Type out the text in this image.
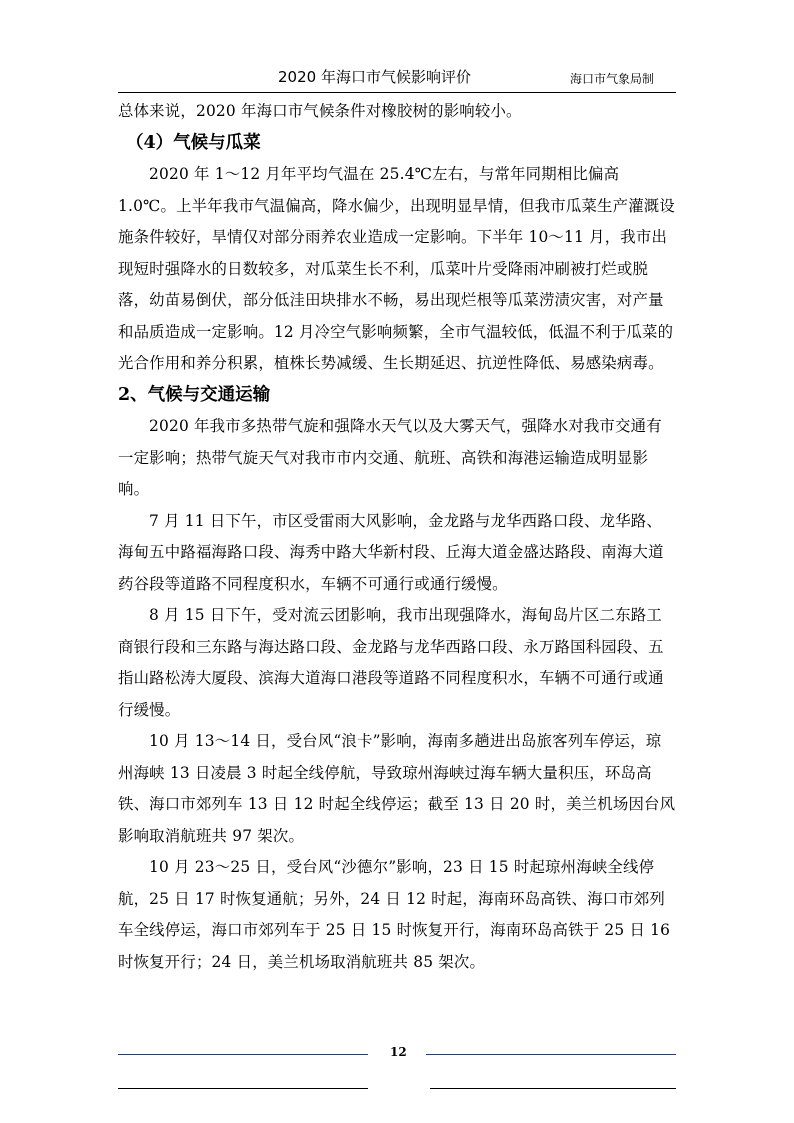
2020 年海口市气候影响评价	海口市气象局制

总体来说，2020 年海口市气候条件对橡胶树的影响较小。

（4）气候与瓜菜

2020 年 1～12 月年平均气温在 25.4℃左右，与常年同期相比偏高 1.0℃。上半年我市气温偏高，降水偏少，出现明显旱情，但我市瓜菜生产灌溉设施条件较好，旱情仅对部分雨养农业造成一定影响。下半年 10～11 月，我市出现短时强降水的日数较多，对瓜菜生长不利，瓜菜叶片受降雨冲刷被打烂或脱落，幼苗易倒伏，部分低洼田块排水不畅，易出现烂根等瓜菜涝渍灾害，对产量和品质造成一定影响。12 月冷空气影响频繁，全市气温较低，低温不利于瓜菜的光合作用和养分积累，植株长势减缓、生长期延迟、抗逆性降低、易感染病毒。

2、气候与交通运输

2020 年我市多热带气旋和强降水天气以及大雾天气，强降水对我市交通有一定影响；热带气旋天气对我市市内交通、航班、高铁和海港运输造成明显影响。

7 月 11 日下午，市区受雷雨大风影响，金龙路与龙华西路口段、龙华路、海甸五中路福海路口段、海秀中路大华新村段、丘海大道金盛达路段、南海大道药谷段等道路不同程度积水，车辆不可通行或通行缓慢。

8 月 15 日下午，受对流云团影响，我市出现强降水，海甸岛片区二东路工商银行段和三东路与海达路口段、金龙路与龙华西路口段、永万路国科园段、五指山路松涛大厦段、滨海大道海口港段等道路不同程度积水，车辆不可通行或通行缓慢。

10 月 13～14 日，受台风“浪卡”影响，海南多趟进出岛旅客列车停运，琼州海峡 13 日凌晨 3 时起全线停航，导致琼州海峡过海车辆大量积压，环岛高铁、海口市郊列车 13 日 12 时起全线停运；截至 13 日 20 时，美兰机场因台风影响取消航班共 97 架次。

10 月 23～25 日，受台风“沙德尔”影响，23 日 15 时起琼州海峡全线停航，25 日 17 时恢复通航；另外，24 日 12 时起，海南环岛高铁、海口市郊列车全线停运，海口市郊列车于 25 日 15 时恢复开行，海南环岛高铁于 25 日 16 时恢复开行；24 日，美兰机场取消航班共 85 架次。

12
